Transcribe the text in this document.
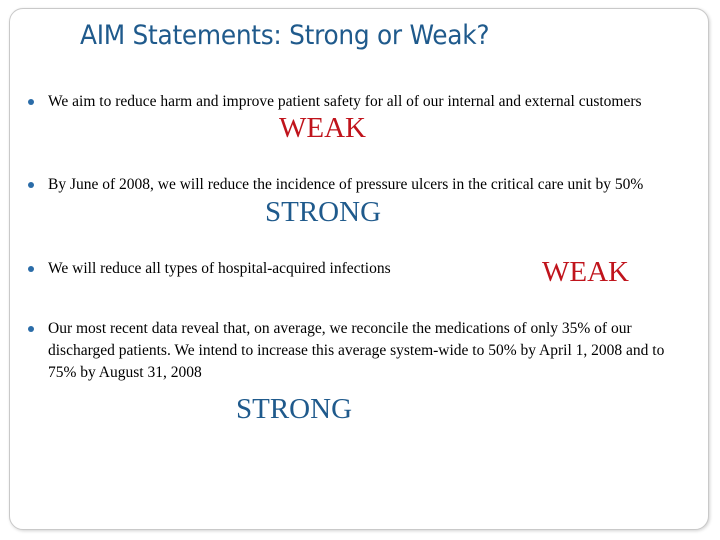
AIM Statements: Strong or Weak?
We aim to reduce harm and improve patient safety for all of our internal and external customers
WEAK
By June of 2008, we will reduce the incidence of pressure ulcers in the critical care unit by 50%
STRONG
We will reduce all types of hospital-acquired infections	WEAK
Our most recent data reveal that, on average, we reconcile the medications of only 35% of our discharged patients. We intend to increase this average system-wide to 50% by April 1, 2008 and to 75% by August 31, 2008
STRONG
